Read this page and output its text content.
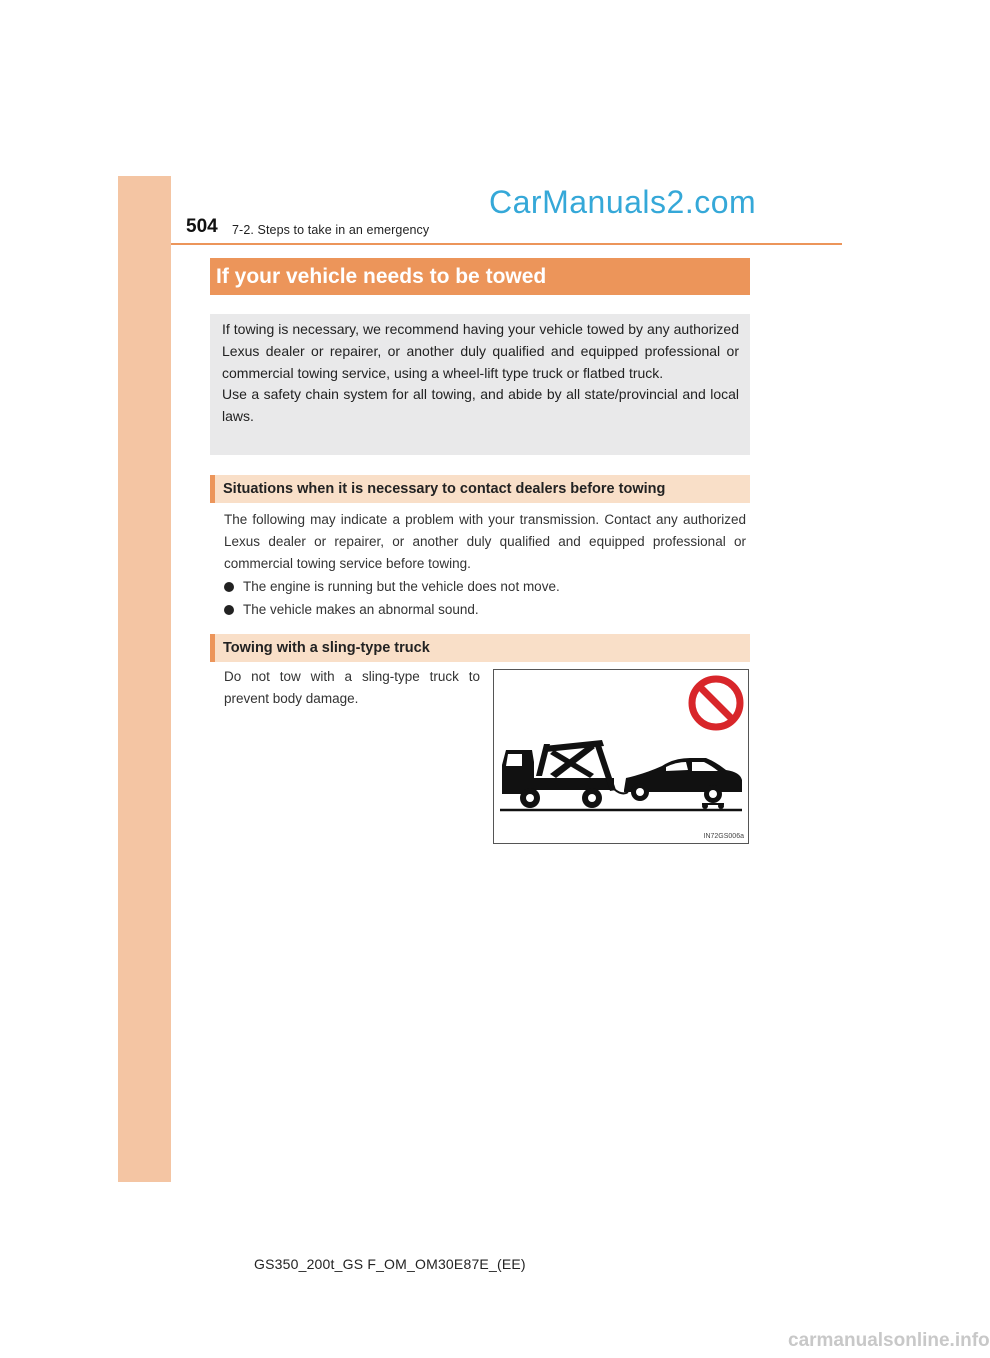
504 7-2. Steps to take in an emergency
CarManuals2.com
If your vehicle needs to be towed

If towing is necessary, we recommend having your vehicle towed by any authorized Lexus dealer or repairer, or another duly qualified and equipped professional or commercial towing service, using a wheel-lift type truck or flatbed truck.

Use a safety chain system for all towing, and abide by all state/provincial and local laws.

Situations when it is necessary to contact dealers before towing

The following may indicate a problem with your transmission. Contact any authorized Lexus dealer or repairer, or another duly qualified and equipped professional or commercial towing service before towing.

The engine is running but the vehicle does not move.
The vehicle makes an abnormal sound.
Towing with a sling-type truck

Do not tow with a sling-type truck to prevent body damage.

IN72GS006a
GS350_200t_GS F_OM_OM30E87E_(EE)
carmanualsonline.info
